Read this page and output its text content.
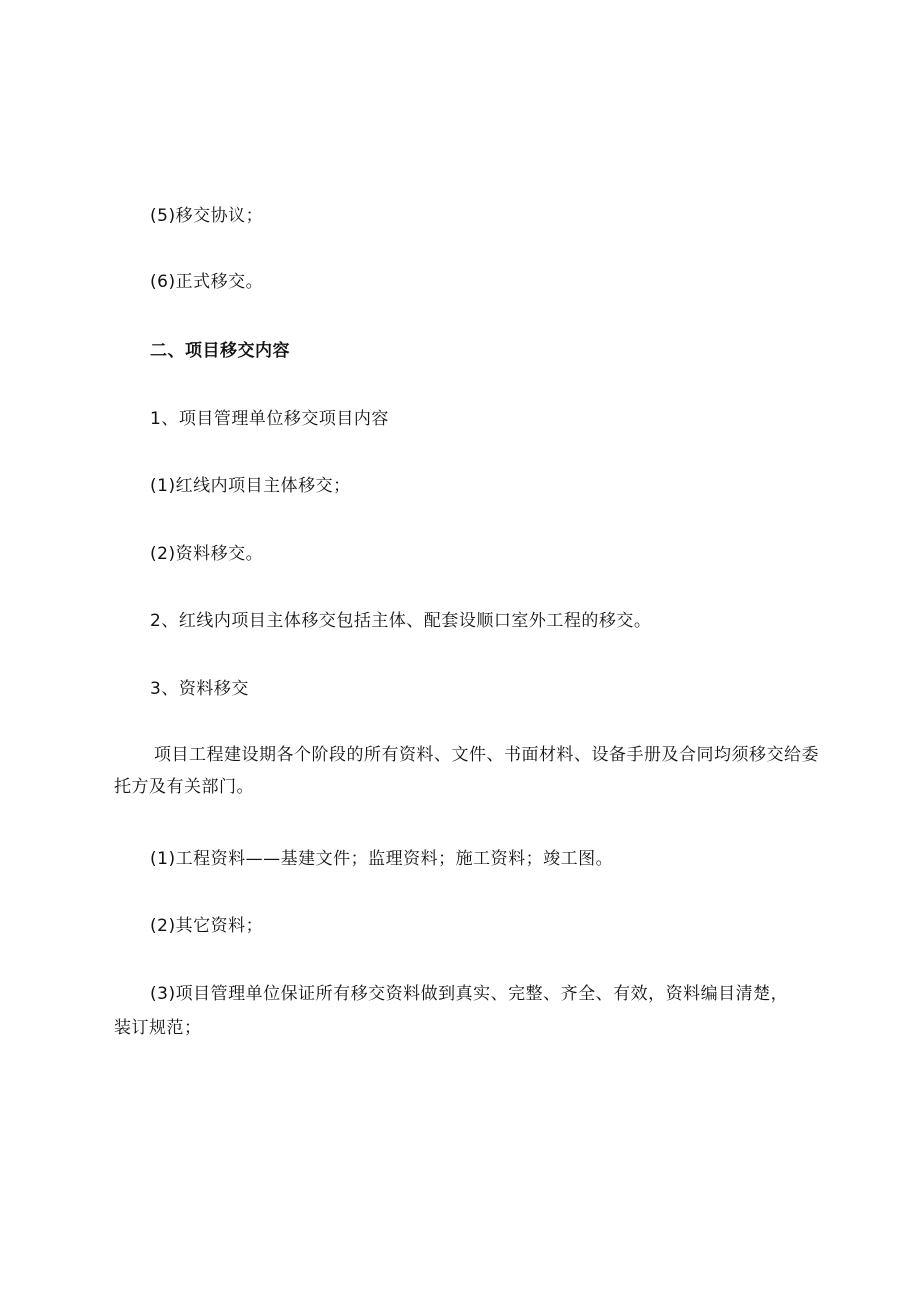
(5)移交协议；
(6)正式移交。
二、项目移交内容
1、项目管理单位移交项目内容
(1)红线内项目主体移交；
(2)资料移交。
2、红线内项目主体移交包括主体、配套设顺口室外工程的移交。
3、资料移交
项目工程建设期各个阶段的所有资料、文件、书面材料、设备手册及合同均须移交给委
托方及有关部门。
(1)工程资料——基建文件；监理资料；施工资料；竣工图。
(2)其它资料；
(3)项目管理单位保证所有移交资料做到真实、完整、齐全、有效，资料编目清楚，
装订规范；
